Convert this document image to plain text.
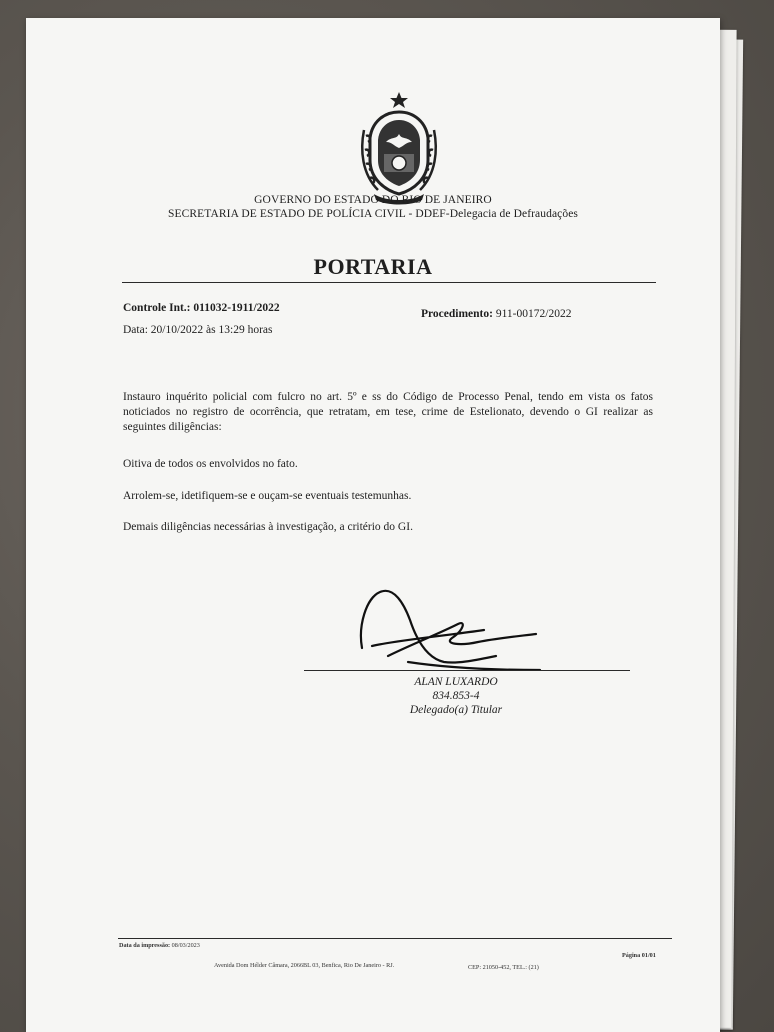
GOVERNO DO ESTADO DO RIO DE JANEIRO
SECRETARIA DE ESTADO DE POLÍCIA CIVIL - DDEF-Delegacia de Defraudações
PORTARIA
Controle Int.: 011032-1911/2022	Procedimento: 911-00172/2022
Data: 20/10/2022 às 13:29 horas
Instauro inquérito policial com fulcro no art. 5º e ss do Código de Processo Penal, tendo em vista os fatos noticiados no registro de ocorrência, que retratam, em tese, crime de Estelionato, devendo o GI realizar as seguintes diligências:
Oitiva de todos os envolvidos no fato.
Arrolem-se, idetifiquem-se e ouçam-se eventuais testemunhas.
Demais diligências necessárias à investigação, a critério do GI.
ALAN LUXARDO
834.853-4
Delegado(a) Titular
Data da impressão: 08/03/2023
Avenida Dom Hélder Câmara, 2066BL 03, Benfica, Rio De Janeiro - RJ.	CEP: 21050-452, TEL.: (21)
Página 01/01
